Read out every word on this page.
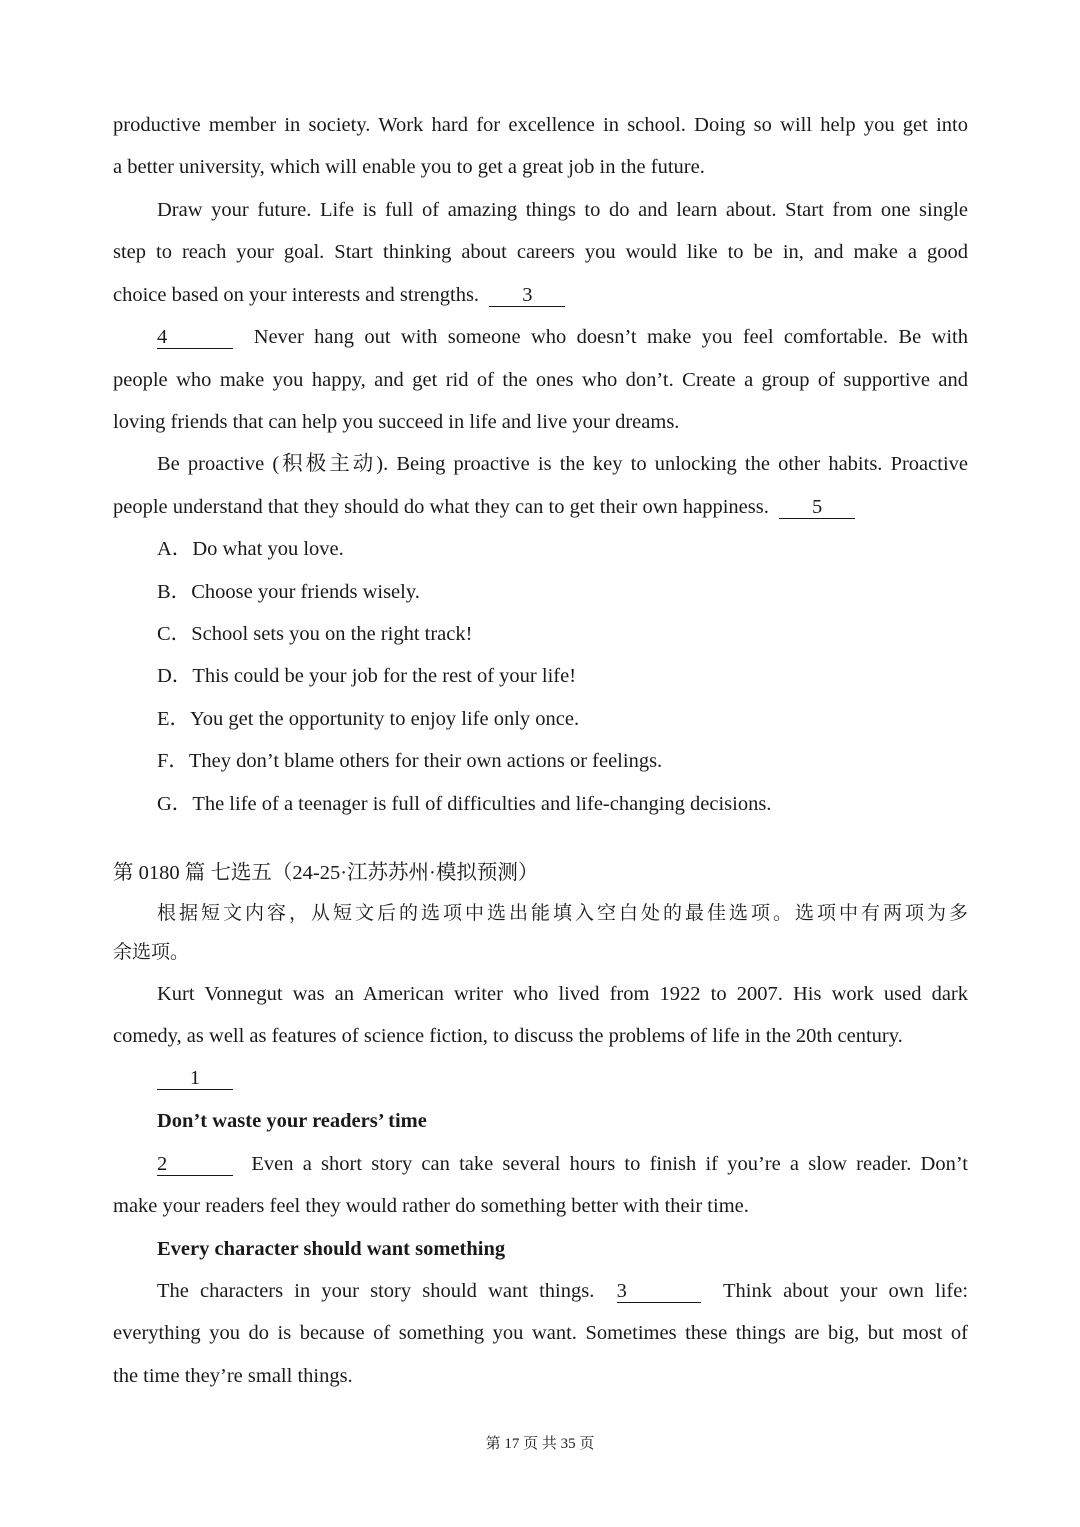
productive member in society. Work hard for excellence in school. Doing so will help you get into
a better university, which will enable you to get a great job in the future.
Draw your future. Life is full of amazing things to do and learn about. Start from one single
step to reach your goal. Start thinking about careers you would like to be in, and make a good
choice based on your interests and strengths. 3
4	Never hang out with someone who doesn’t make you feel comfortable. Be with
people who make you happy, and get rid of the ones who don’t. Create a group of supportive and
loving friends that can help you succeed in life and live your dreams.
Be proactive (积极主动). Being proactive is the key to unlocking the other habits. Proactive
people understand that they should do what they can to get their own happiness. 5
A．Do what you love.
B．Choose your friends wisely.
C．School sets you on the right track!
D．This could be your job for the rest of your life!
E．You get the opportunity to enjoy life only once.
F．They don’t blame others for their own actions or feelings.
G．The life of a teenager is full of difficulties and life-changing decisions.
第 0180 篇 七选五（24-25·江苏苏州·模拟预测）
根据短文内容，从短文后的选项中选出能填入空白处的最佳选项。选项中有两项为多
余选项。
Kurt Vonnegut was an American writer who lived from 1922 to 2007. His work used dark
comedy, as well as features of science fiction, to discuss the problems of life in the 20th century.
1
Don’t waste your readers’ time
2	Even a short story can take several hours to finish if you’re a slow reader. Don’t
make your readers feel they would rather do something better with their time.
Every character should want something
The characters in your story should want things. 3	Think about your own life:
everything you do is because of something you want. Sometimes these things are big, but most of
the time they’re small things.
第 17 页 共 35 页
